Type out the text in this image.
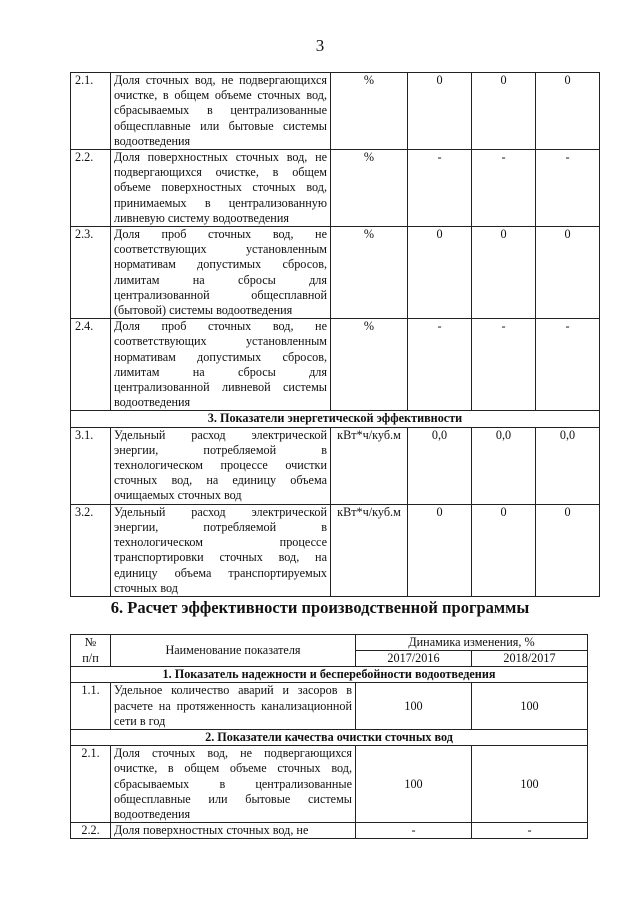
3
2.1.	Доля сточных вод, не подвергающихся очистке, в общем объеме сточных вод, сбрасываемых в централизованные общесплавные или бытовые системы водоотведения	%	0	0	0
2.2.	Доля поверхностных сточных вод, не подвергающихся очистке, в общем объеме поверхностных сточных вод, принимаемых в централизованную ливневую систему водоотведения	%	-	-	-
2.3.	Доля проб сточных вод, не соответствующих установленным нормативам допустимых сбросов, лимитам на сбросы для централизованной общесплавной (бытовой) системы водоотведения	%	0	0	0
2.4.	Доля проб сточных вод, не соответствующих установленным нормативам допустимых сбросов, лимитам на сбросы для централизованной ливневой системы водоотведения	%	-	-	-
3. Показатели энергетической эффективности					
3.1.	Удельный расход электрической энергии, потребляемой в технологическом процессе очистки сточных вод, на единицу объема очищаемых сточных вод	кВт*ч/куб.м	0,0	0,0	0,0
3.2.	Удельный расход электрической энергии, потребляемой в технологическом процессе транспортировки сточных вод, на единицу объема транспортируемых сточных вод	кВт*ч/куб.м	0	0	0
6. Расчет эффективности производственной программы
№
п/п	Наименование показателя	Динамика изменения, %	
		2017/2016	2018/2017
1. Показатель надежности и бесперебойности водоотведения			
1.1.	Удельное количество аварий и засоров в расчете на протяженность канализационной сети в год	100	100
2. Показатели качества очистки сточных вод			
2.1.	Доля сточных вод, не подвергающихся очистке, в общем объеме сточных вод, сбрасываемых в централизованные общесплавные или бытовые системы водоотведения	100	100
2.2.	Доля поверхностных сточных вод, не	-	-
